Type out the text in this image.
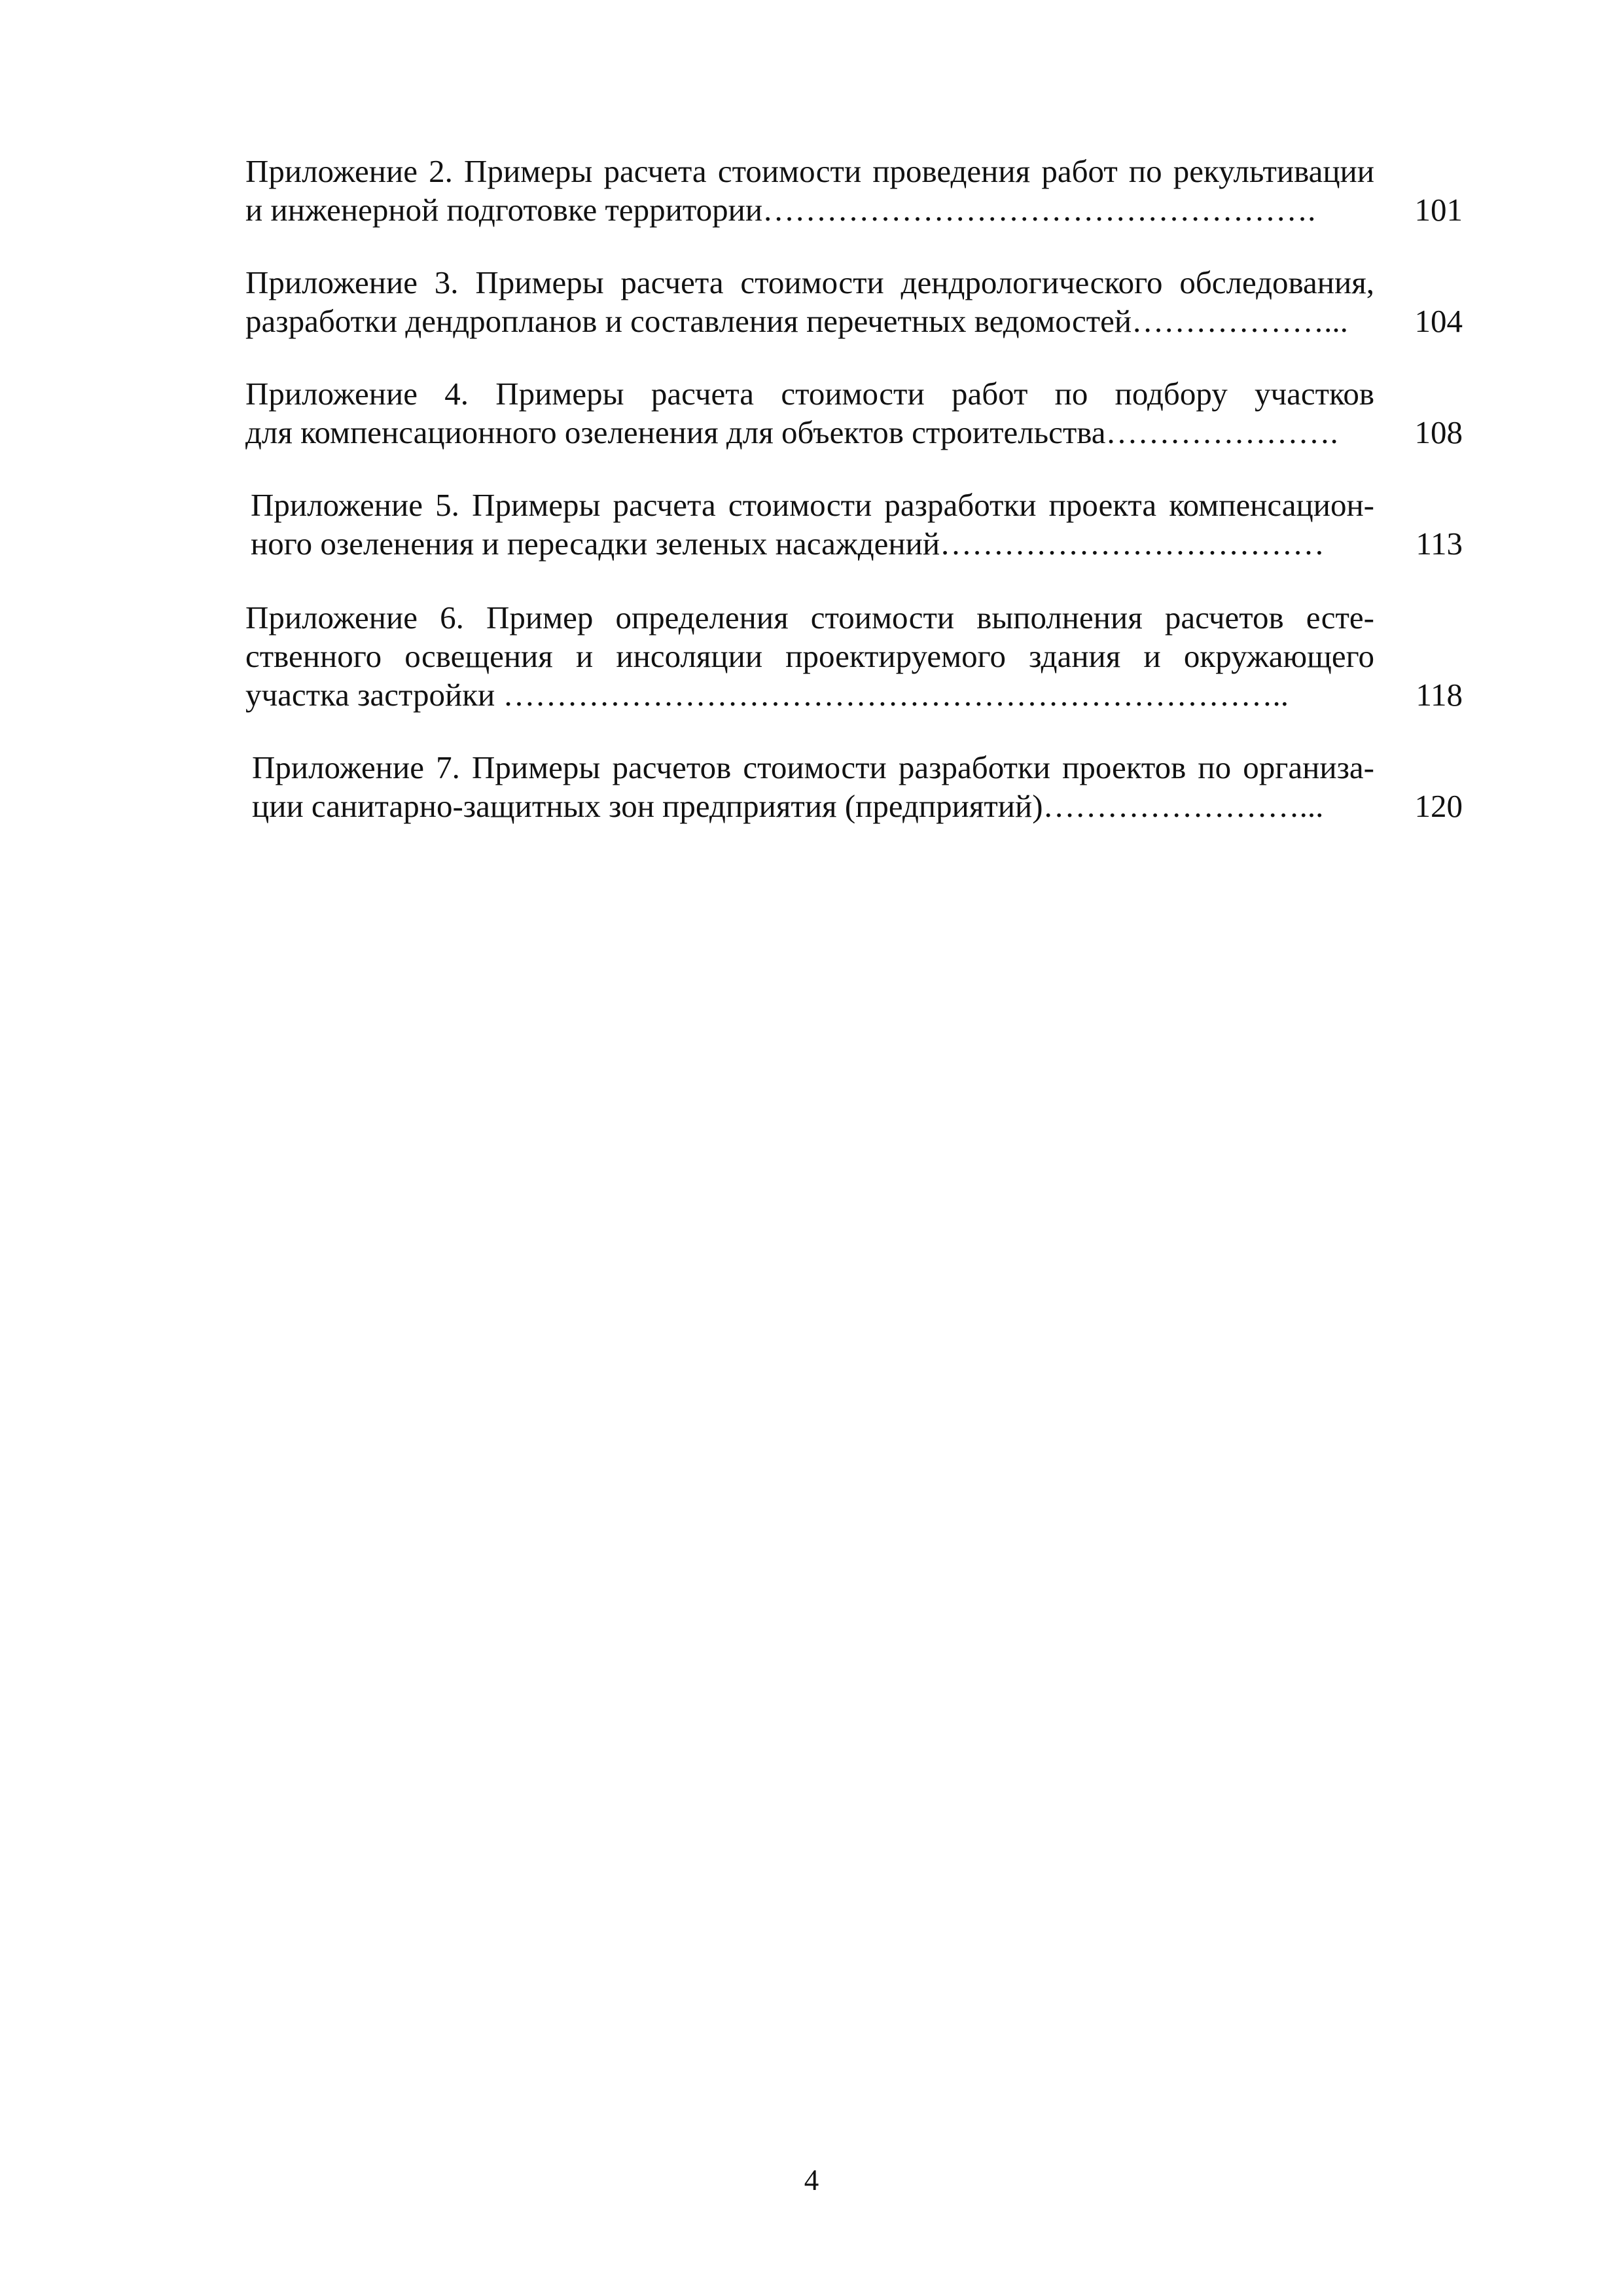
Приложение 2. Примеры расчета стоимости проведения работ по рекультивации
и инженерной подготовке территории…………………………………………….	101
Приложение 3. Примеры расчета стоимости дендрологического обследования,
разработки дендропланов и составления перечетных ведомостей………………...	104
Приложение 4. Примеры расчета стоимости работ по подбору участков
для компенсационного озеленения для объектов строительства………………….	108
Приложение 5. Примеры расчета стоимости разработки проекта компенсацион-
ного озеленения и пересадки зеленых насаждений………………………………	113
Приложение 6. Пример определения стоимости выполнения расчетов есте-
ственного освещения и инсоляции проектируемого здания и окружающего
участка застройки ………………………………………………………………..	118
Приложение 7. Примеры расчетов стоимости разработки проектов по организа-
ции санитарно-защитных зон предприятия (предприятий)……………………...	120
4
